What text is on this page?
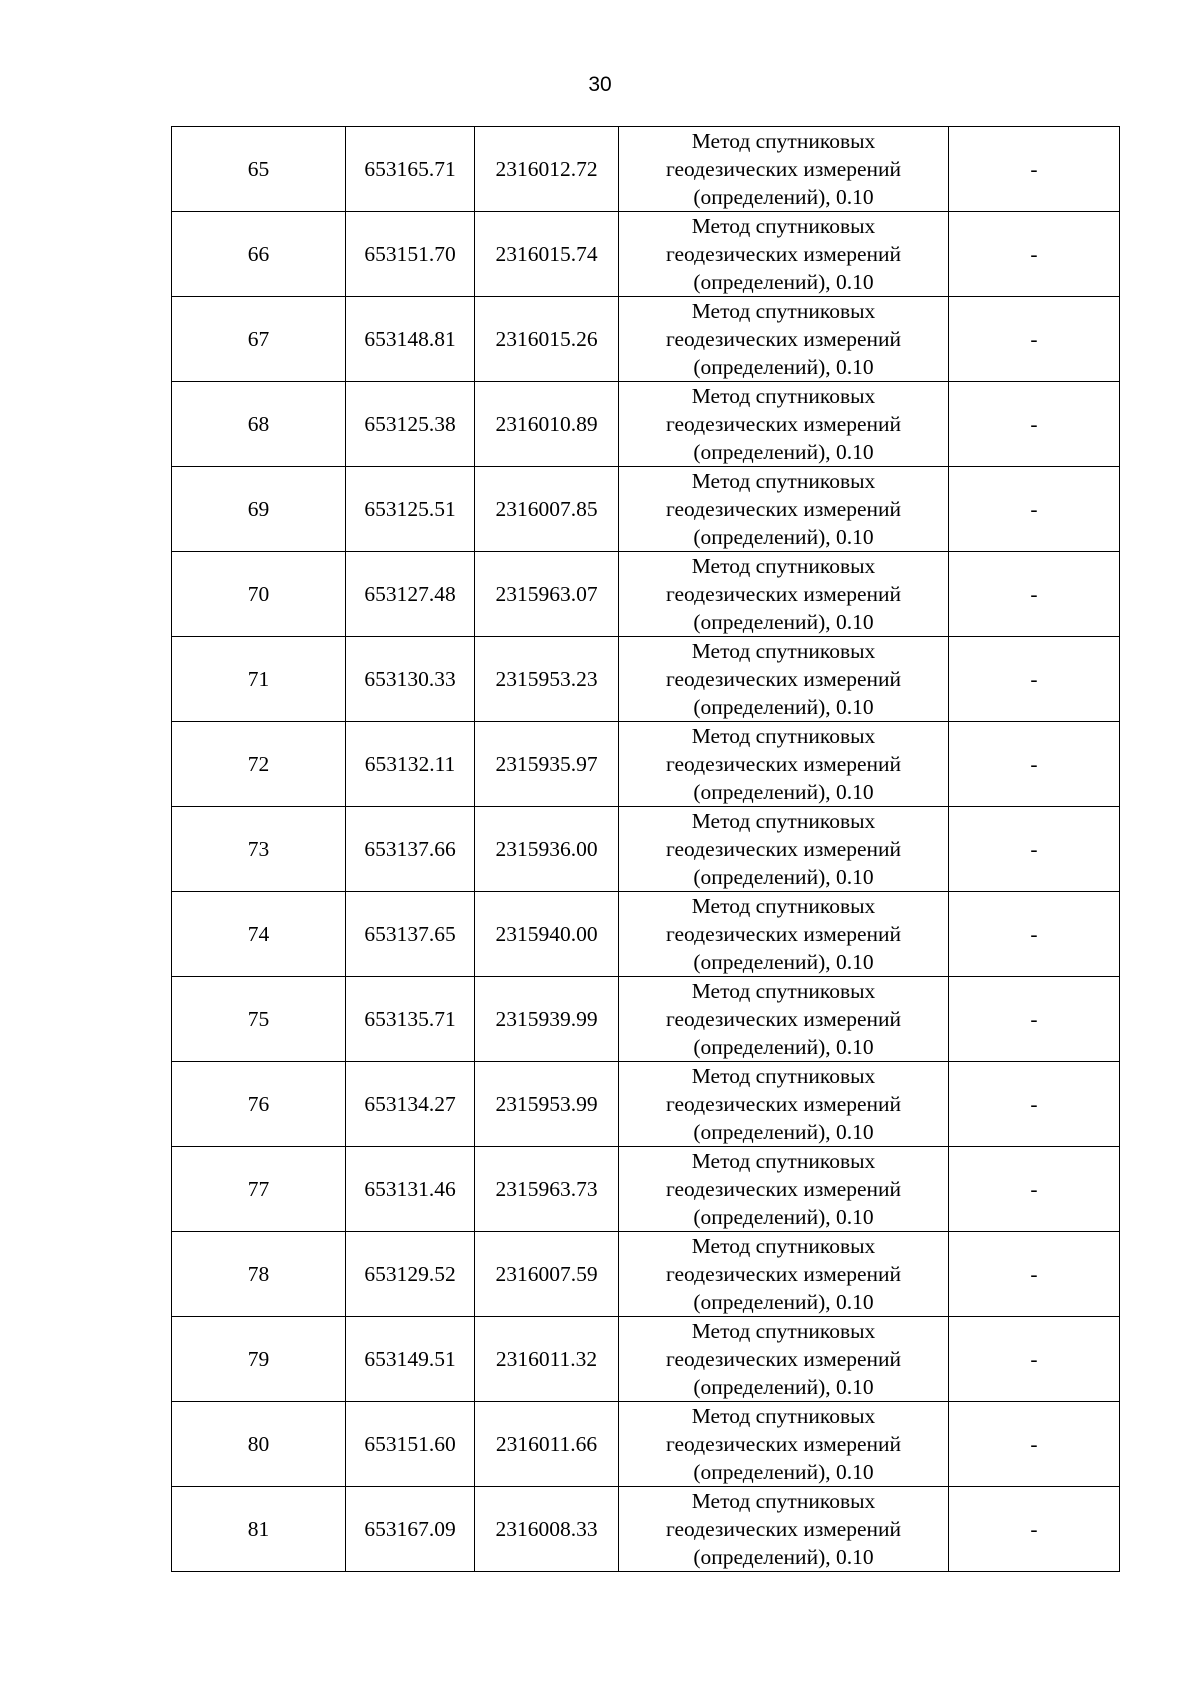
30
65	653165.71	2316012.72	Метод спутниковых
геодезических измерений
(определений), 0.10	-
66	653151.70	2316015.74	Метод спутниковых
геодезических измерений
(определений), 0.10	-
67	653148.81	2316015.26	Метод спутниковых
геодезических измерений
(определений), 0.10	-
68	653125.38	2316010.89	Метод спутниковых
геодезических измерений
(определений), 0.10	-
69	653125.51	2316007.85	Метод спутниковых
геодезических измерений
(определений), 0.10	-
70	653127.48	2315963.07	Метод спутниковых
геодезических измерений
(определений), 0.10	-
71	653130.33	2315953.23	Метод спутниковых
геодезических измерений
(определений), 0.10	-
72	653132.11	2315935.97	Метод спутниковых
геодезических измерений
(определений), 0.10	-
73	653137.66	2315936.00	Метод спутниковых
геодезических измерений
(определений), 0.10	-
74	653137.65	2315940.00	Метод спутниковых
геодезических измерений
(определений), 0.10	-
75	653135.71	2315939.99	Метод спутниковых
геодезических измерений
(определений), 0.10	-
76	653134.27	2315953.99	Метод спутниковых
геодезических измерений
(определений), 0.10	-
77	653131.46	2315963.73	Метод спутниковых
геодезических измерений
(определений), 0.10	-
78	653129.52	2316007.59	Метод спутниковых
геодезических измерений
(определений), 0.10	-
79	653149.51	2316011.32	Метод спутниковых
геодезических измерений
(определений), 0.10	-
80	653151.60	2316011.66	Метод спутниковых
геодезических измерений
(определений), 0.10	-
81	653167.09	2316008.33	Метод спутниковых
геодезических измерений
(определений), 0.10	-
